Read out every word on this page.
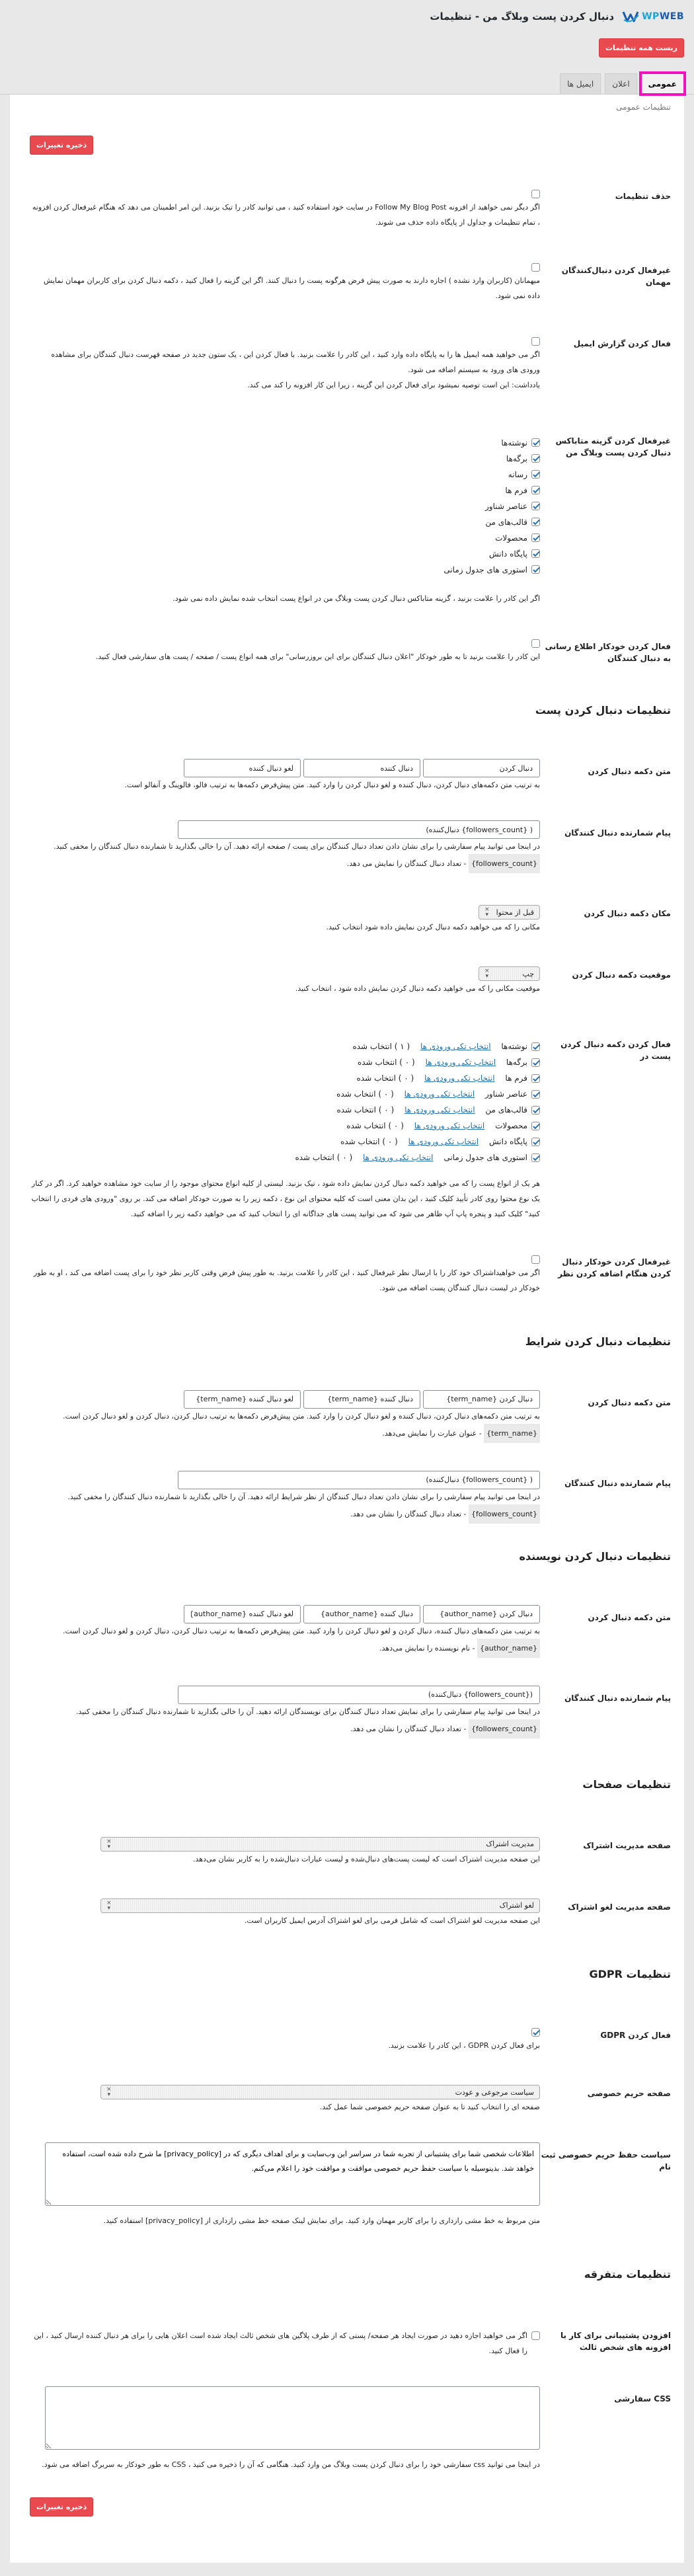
WPWEB
دنبال کردن پست وبلاگ من - تنظیمات
ریست همه تنظیمات
عمومی
اعلان
ایمیل ها
تنظیمات عمومی
ذخیره تغییرات
حذف تنظیمات
اگر دیگر نمی خواهید از افزونه Follow My Blog Post در سایت خود استفاده کنید ، می توانید کادر را تیک بزنید. این امر اطمینان می دهد که هنگام غیرفعال کردن افزونه ، تمام تنظیمات و جداول از پایگاه داده حذف می شوند.
غیرفعال کردن دنبال‌کنندگان مهمان
میهمانان (کاربران وارد نشده ) اجازه دارند به صورت پیش فرض هرگونه پست را دنبال کنند. اگر این گزینه را فعال کنید ، دکمه دنبال کردن برای کاربران مهمان نمایش داده نمی شود.
فعال کردن گزارش ایمیل
اگر می خواهید همه ایمیل ها را به پایگاه داده وارد کنید ، این کادر را علامت بزنید. با فعال کردن این ، یک ستون جدید در صفحه فهرست دنبال کنندگان برای مشاهده ورودی های ورود به سیستم اضافه می شود.
یادداشت: این است توصیه نمیشود برای فعال کردن این گزینه ، زیرا این کار افزونه را کند می کند.
غیرفعال کردن گزینه متاباکس دنبال کردن پست وبلاگ من
نوشته‌ها
برگه‌ها
رسانه
فرم ها
عناصر شناور
قالب‌های من
محصولات
پایگاه دانش
استوری های جدول زمانی
اگر این کادر را علامت بزنید ، گزینه متاباکس دنبال کردن پست وبلاگ من در انواع پست انتخاب شده نمایش داده نمی شود.
فعال کردن خودکار اطلاع رسانی به دنبال کنندگان
این کادر را علامت بزنید تا به طور خودکار "اعلان دنبال کنندگان برای این بروزرسانی" برای همه انواع پست / صفحه / پست های سفارشی فعال کنید.
تنظیمات دنبال کردن پست
متن دکمه دنبال کردن
دنبال کردن
دنبال کننده
لغو دنبال کننده
به ترتیب متن دکمه‌های دنبال کردن، دنبال کننده و لغو دنبال کردن را وارد کنید. متن پیش‌فرض دکمه‌ها به ترتیب فالو، فالوینگ و آنفالو است.
پیام شمارنده دنبال کنندگان
( {followers_count} دنبال‌کننده)
در اینجا می توانید پیام سفارشی را برای نشان دادن تعداد دنبال کنندگان برای پست / صفحه ارائه دهید. آن را خالی بگذارید تا شمارنده دنبال کنندگان را مخفی کنید.
{followers_count} - تعداد دنبال کنندگان را نمایش می دهد.
مکان دکمه دنبال کردن
قبل از محتوا
×
▾
مکانی را که می خواهید دکمه دنبال کردن نمایش داده شود انتخاب کنید.
موقعیت دکمه دنبال کردن
چپ
×
▾
موقعیت مکانی را که می خواهید دکمه دنبال کردن نمایش داده شود ، انتخاب کنید.
فعال کردن دکمه دنبال کردن پست در
نوشته‌ها

انتخاب تکی ورودی ها

( ۱ ) انتخاب شده
برگه‌ها

انتخاب تکی ورودی ها

( ۰ ) انتخاب شده
فرم ها

انتخاب تکی ورودی ها

( ۰ ) انتخاب شده
عناصر شناور

انتخاب تکی ورودی ها

( ۰ ) انتخاب شده
قالب‌های من

انتخاب تکی ورودی ها

( ۰ ) انتخاب شده
محصولات

انتخاب تکی ورودی ها

( ۰ ) انتخاب شده
پایگاه دانش

انتخاب تکی ورودی ها

( ۰ ) انتخاب شده
استوری های جدول زمانی

انتخاب تکی ورودی ها

( ۰ ) انتخاب شده
هر یک از انواع پست را که می خواهید دکمه دنبال کردن نمایش داده شود ، تیک بزنید. لیستی از کلیه انواع محتوای موجود را از سایت خود مشاهده خواهید کرد. اگر در کنار یک نوع محتوا روی کادر تأیید کلیک کنید ، این بدان معنی است که کلیه محتوای این نوع ، دکمه زیر را به صورت خودکار اضافه می کند. بر روی "ورودی های فردی را انتخاب کنید" کلیک کنید و پنجره پاپ آپ ظاهر می شود که می توانید پست های جداگانه ای را انتخاب کنید که می خواهید دکمه زیر را اضافه کنید.
غیرفعال کردن خودکار دنبال کردن هنگام اضافه کردن نظر
اگر می خواهیداشتراک خود کار را با ارسال نظر غیرفعال کنید ، این کادر را علامت بزنید. به طور پیش فرض وقتی کاربر نظر خود را برای پست اضافه می کند ، او به طور خودکار در لیست دنبال کنندگان پست اضافه می شود.
تنظیمات دنبال کردن شرایط
متن دکمه دنبال کردن
دنبال کردن {term_name}
دنبال کننده {term_name}
لغو دنبال کننده {term_name}
به ترتیب متن دکمه‌های دنبال کردن، دنبال کننده و لغو دنبال کردن را وارد کنید. متن پیش‌فرض دکمه‌ها به ترتیب دنبال کردن، دنبال کردن و لغو دنبال کردن است.
{term_name} - عنوان عبارت را نمایش می‌دهد.
پیام شمارنده دنبال کنندگان
( {followers_count} دنبال‌کننده)
در اینجا می توانید پیام سفارشی را برای نشان دادن تعداد دنبال کنندگان از نظر شرایط ارائه دهید. آن را خالی بگذارید تا شمارنده دنبال کنندگان را مخفی کنید.
{followers_count} - تعداد دنبال کنندگان را نشان می دهد.
تنظیمات دنبال کردن نویسنده
متن دکمه دنبال کردن
دنبال کردن {author_name}
دنبال کننده {author_name}
لغو دنبال کننده {author_name}
به ترتیب متن دکمه‌های دنبال کننده، دنبال کردن و لغو دنبال کردن را وارد کنید. متن پیش‌فرض دکمه‌ها به ترتیب دنبال کردن، دنبال کردن و لغو دنبال کردن است.
{author_name} - نام نویسنده را نمایش می‌دهد.
پیام شمارنده دنبال کنندگان
({followers_count} دنبال‌کننده)
در اینجا می توانید پیام سفارشی را برای نمایش تعداد دنبال کنندگان برای نویسندگان ارائه دهید. آن را خالی بگذارید تا شمارنده دنبال کنندگان را مخفی کنید.
{followers_count} - تعداد دنبال کنندگان را نشان می دهد.
تنظیمات صفحات
صفحه مدیریت اشتراک
مدیریت اشتراک
×
▾
این صفحه مدیریت اشتراک است که لیست پست‌های دنبال‌شده و لیست عبارات دنبال‌شده را به کاربر نشان می‌دهد.
صفحه مدیریت لغو اشتراک
لغو اشتراک
×
▾
این صفحه مدیریت لغو اشتراک است که شامل فرمی برای لغو اشتراک آدرس ایمیل کاربران است.
تنظیمات GDPR
فعال کردن GDPR
برای فعال کردن GDPR ، این کادر را علامت بزنید.
صفحه حریم خصوصی
سیاست مرجوعی و عودت
×
▾
صفحه ای را انتخاب کنید تا به عنوان صفحه حریم خصوصی شما عمل کند.
سیاست حفظ حریم خصوصی ثبت نام
اطلاعات شخصی شما برای پشتیبانی از تجربه شما در سراسر این وب‌سایت و برای اهداف دیگری که در [privacy_policy] ما شرح داده شده است، استفاده خواهد شد. بدینوسیله با سیاست حفظ حریم خصوصی موافقت و موافقت خود را اعلام می‌کنم.
متن مربوط به خط مشی رازداری را برای کاربر مهمان وارد کنید. برای نمایش لینک صفحه خط مشی رازداری از [privacy_policy] استفاده کنید.
تنظیمات متفرقه
افزودن پشتیبانی برای کار با افزونه های شخص ثالث
اگر می خواهید اجازه دهید در صورت ایجاد هر صفحه/ پستی که از طرف پلاگین های شخص ثالث ایجاد شده است اعلان هایی را برای هر دنبال کننده ارسال کنید ، این را فعال کنید.
CSS سفارشی
در اینجا می توانید css سفارشی خود را برای دنبال کردن پست وبلاگ من وارد کنید. هنگامی که آن را ذخیره می کنید ، CSS به طور خودکار به سربرگ اضافه می شود.
ذخیره تغییرات
